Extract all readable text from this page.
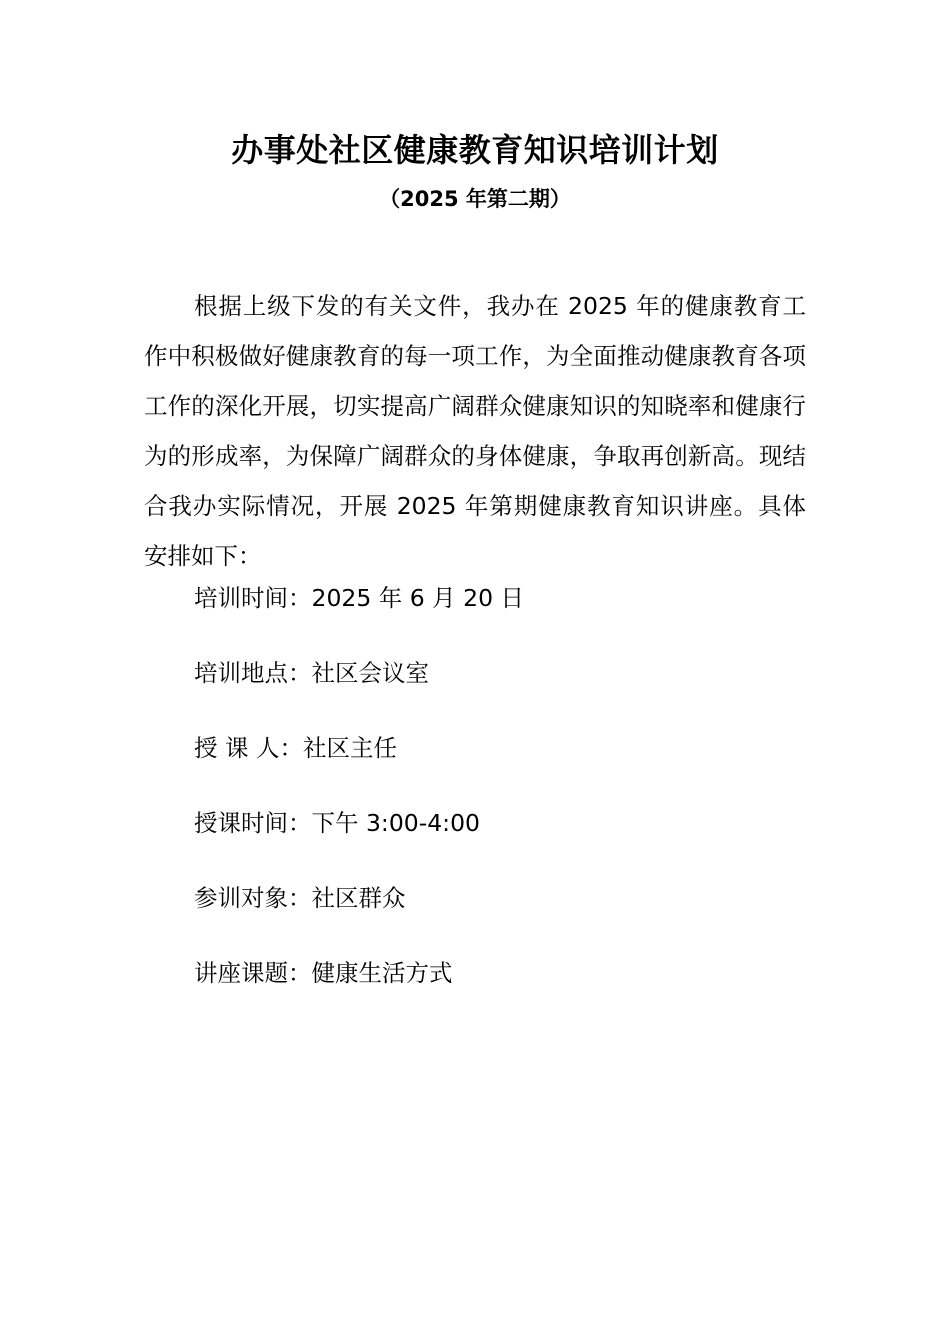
办事处社区健康教育知识培训计划
（2025 年第二期）
根据上级下发的有关文件，我办在 2025 年的健康教育工作中积极做好健康教育的每一项工作，为全面推动健康教育各项工作的深化开展，切实提高广阔群众健康知识的知晓率和健康行为的形成率，为保障广阔群众的身体健康，争取再创新高。现结合我办实际情况，开展 2025 年第期健康教育知识讲座。具体安排如下：
培训时间：2025 年 6 月 20 日
培训地点：社区会议室
授 课 人：社区主任
授课时间：下午 3:00-4:00
参训对象：社区群众
讲座课题：健康生活方式
